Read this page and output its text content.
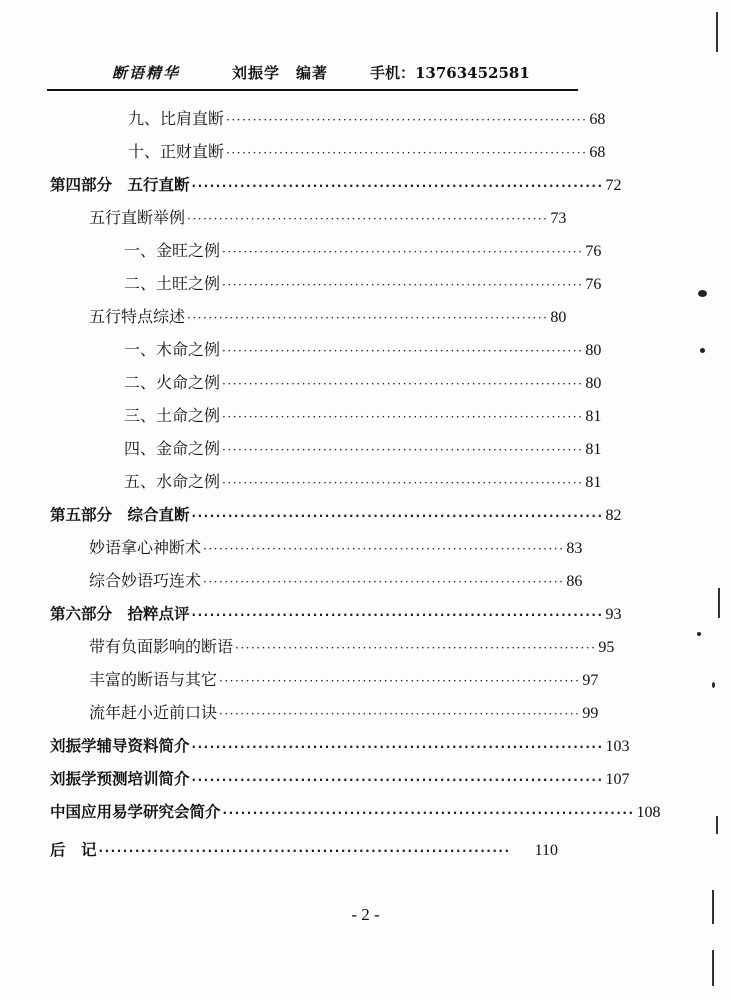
断语精华	刘振学　编著	手机：13763452581
九、比肩直断 ···································································· 68
十、正财直断 ···································································· 68
第四部分　五行直断 ···································································· 72
五行直断举例 ···································································· 73
一、金旺之例 ···································································· 76
二、土旺之例 ···································································· 76
五行特点综述 ···································································· 80
一、木命之例 ···································································· 80
二、火命之例 ···································································· 80
三、土命之例 ···································································· 81
四、金命之例 ···································································· 81
五、水命之例 ···································································· 81
第五部分　综合直断 ···································································· 82
妙语拿心神断术 ···································································· 83
综合妙语巧连术 ···································································· 86
第六部分　拾粹点评 ···································································· 93
带有负面影响的断语 ···································································· 95
丰富的断语与其它 ···································································· 97
流年赶小近前口诀 ···································································· 99
刘振学辅导资料简介 ···································································· 103
刘振学预测培训简介 ···································································· 107
中国应用易学研究会简介 ···································································· 108
后　记 ····································································	110
- 2 -
